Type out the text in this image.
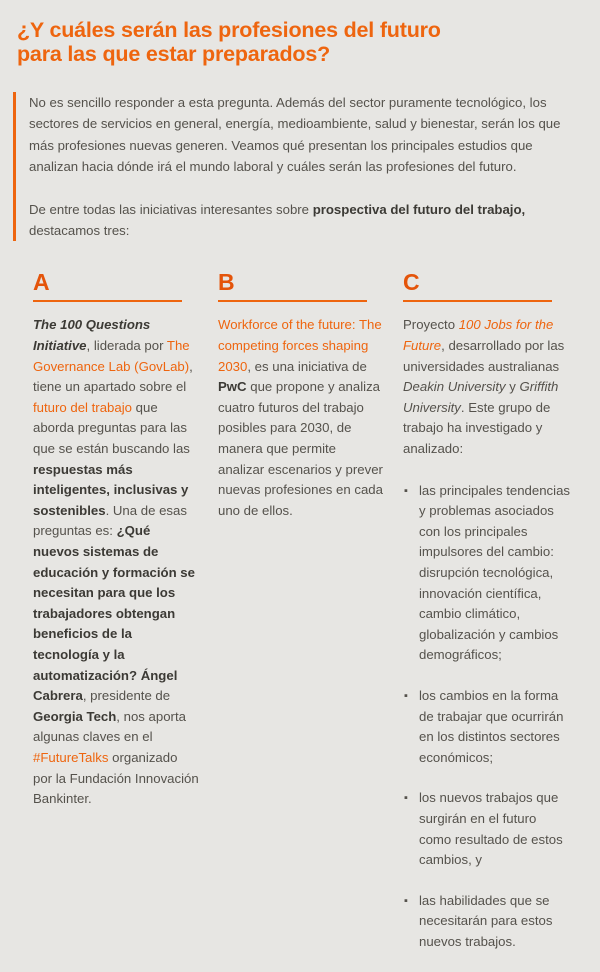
¿Y cuáles serán las profesiones del futuro
para las que estar preparados?

No es sencillo responder a esta pregunta. Además del sector puramente tecnológico, los sectores de servicios en general, energía, medioambiente, salud y bienestar, serán los que más profesiones nuevas generen. Veamos qué presentan los principales estudios que analizan hacia dónde irá el mundo laboral y cuáles serán las profesiones del futuro.

De entre todas las iniciativas interesantes sobre prospectiva del futuro del trabajo, destacamos tres:

A

The 100 Questions Initiative, liderada por The Governance Lab (GovLab), tiene un apartado sobre el futuro del trabajo que aborda preguntas para las que se están buscando las respuestas más inteligentes, inclusivas y sostenibles. Una de esas preguntas es: ¿Qué nuevos sistemas de educación y formación se necesitan para que los trabajadores obtengan beneficios de la tecnología y la automatización? Ángel Cabrera, presidente de Georgia Tech, nos aporta algunas claves en el #FutureTalks organizado por la Fundación Innovación Bankinter.

B

Workforce of the future: The competing forces shaping 2030, es una iniciativa de PwC que propone y analiza cuatro futuros del trabajo posibles para 2030, de manera que permite analizar escenarios y prever nuevas profesiones en cada uno de ellos.

C

Proyecto 100 Jobs for the Future, desarrollado por las universidades australianas Deakin University y Griffith University. Este grupo de trabajo ha investigado y analizado:

▪ las principales tendencias y problemas asociados con los principales impulsores del cambio: disrupción tecnológica, innovación científica, cambio climático, globalización y cambios demográficos;
▪ los cambios en la forma de trabajar que ocurrirán en los distintos sectores económicos;
▪ los nuevos trabajos que surgirán en el futuro como resultado de estos cambios, y
▪ las habilidades que se necesitarán para estos nuevos trabajos.
